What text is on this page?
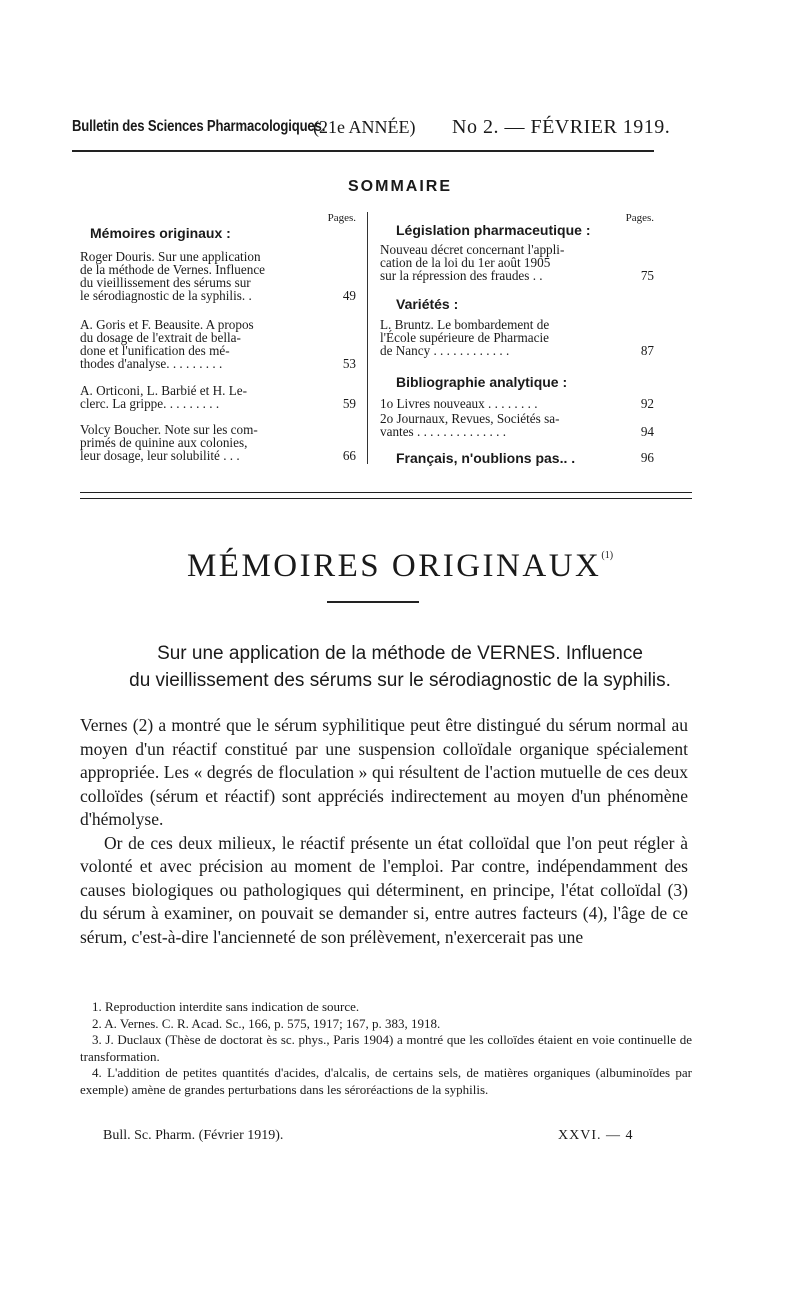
Bulletin des Sciences Pharmacologiques.
(21e ANNÉE) No 2. — FÉVRIER 1919.
SOMMAIRE
Pages.
Mémoires originaux :
Roger Douris. Sur une application
de la méthode de Vernes. Influence
du vieillissement des sérums sur
le sérodiagnostic de la syphilis. .	49
A. Goris et F. Beausite. A propos
du dosage de l'extrait de bella-
done et l'unification des mé-
thodes d'analyse. . . . . . . . .	53
A. Orticoni, L. Barbié et H. Le-
clerc. La grippe. . . . . . . . .	59
Volcy Boucher. Note sur les com-
primés de quinine aux colonies,
leur dosage, leur solubilité . . .	66
Pages.
Législation pharmaceutique :
Nouveau décret concernant l'appli-
cation de la loi du 1er août 1905
sur la répression des fraudes . .	75
Variétés :
L. Bruntz. Le bombardement de
l'École supérieure de Pharmacie
de Nancy . . . . . . . . . . . .	87
Bibliographie analytique :
1o Livres nouveaux . . . . . . . .	92
2o Journaux, Revues, Sociétés sa-
vantes . . . . . . . . . . . . . .	94
Français, n'oublions pas.. .	96
MÉMOIRES ORIGINAUX$^{(1)}$
Sur une application de la méthode de VERNES. Influence
du vieillissement des sérums sur le sérodiagnostic de la syphilis.

Vernes (2) a montré que le sérum syphilitique peut être distingué du sérum normal au moyen d'un réactif constitué par une suspension colloïdale organique spécialement appropriée. Les « degrés de floculation » qui résultent de l'action mutuelle de ces deux colloïdes (sérum et réactif) sont appréciés indirectement au moyen d'un phénomène d'hémolyse.

Or de ces deux milieux, le réactif présente un état colloïdal que l'on peut régler à volonté et avec précision au moment de l'emploi. Par contre, indépendamment des causes biologiques ou pathologiques qui déterminent, en principe, l'état colloïdal (3) du sérum à examiner, on pouvait se demander si, entre autres facteurs (4), l'âge de ce sérum, c'est-à-dire l'ancienneté de son prélèvement, n'exercerait pas une

1. Reproduction interdite sans indication de source.
2. A. Vernes. C. R. Acad. Sc., 166, p. 575, 1917; 167, p. 383, 1918.
3. J. Duclaux (Thèse de doctorat ès sc. phys., Paris 1904) a montré que les colloïdes étaient en voie continuelle de transformation.
4. L'addition de petites quantités d'acides, d'alcalis, de certains sels, de matières organiques (albuminoïdes par exemple) amène de grandes perturbations dans les séroréactions de la syphilis.
Bull. Sc. Pharm. (Février 1919).	XXVI. — 4
